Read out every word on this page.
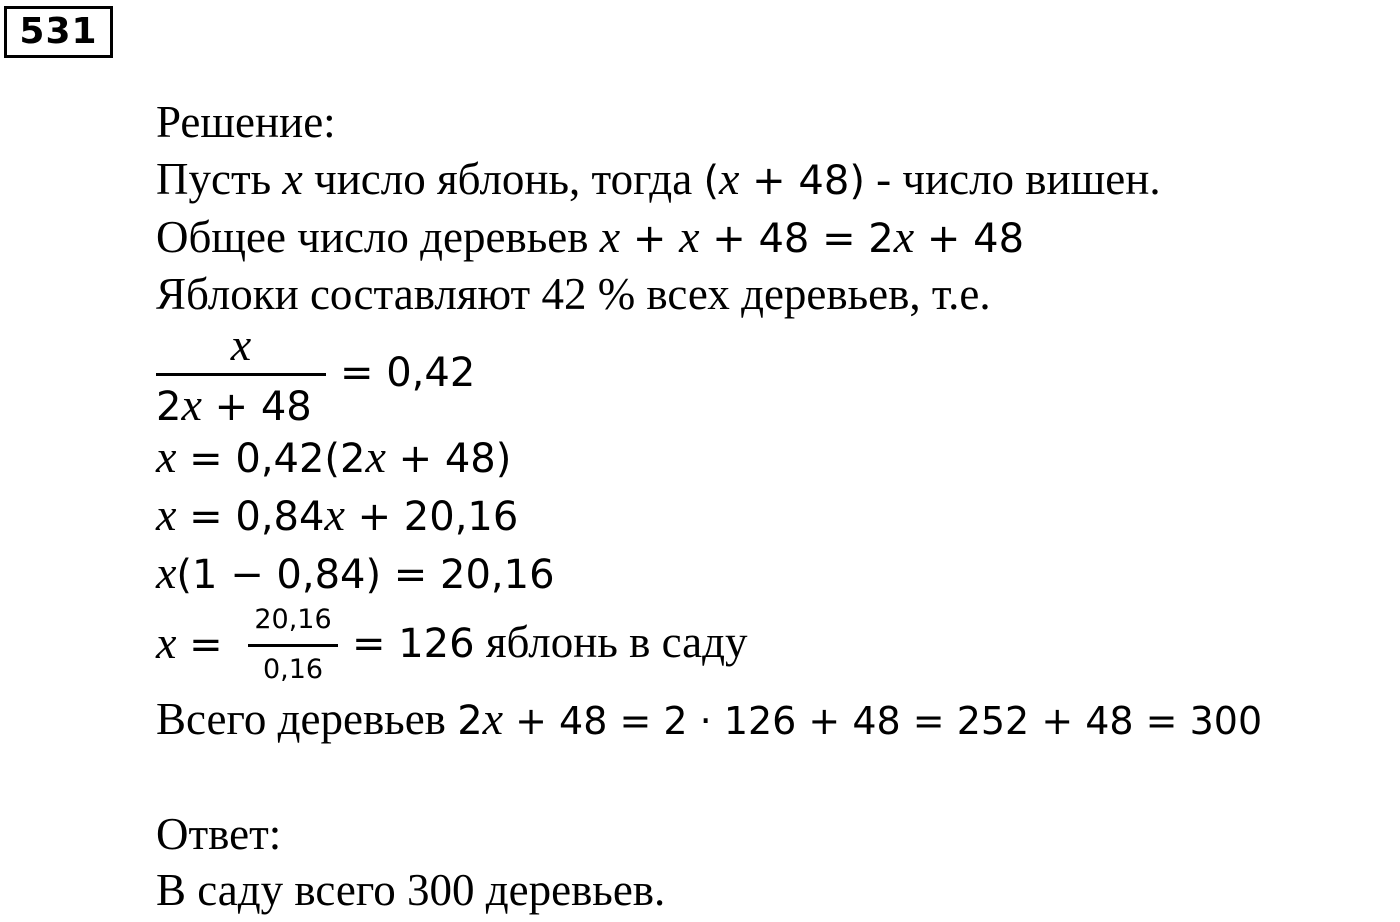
531
Решение:
Пусть x число яблонь, тогда (x + 48) - число вишен.
Общее число деревьев x + x + 48 = 2x + 48
Яблоки составляют 42 % всех деревьев, т.е.
x
2x + 48
= 0,42
x = 0,42(2x + 48)
x = 0,84x + 20,16
x(1 − 0,84) = 20,16
x =
20,16
0,16
= 126 яблонь в саду
Всего деревьев 2x + 48 = 2 · 126 + 48 = 252 + 48 = 300
Ответ:
В саду всего 300 деревьев.
